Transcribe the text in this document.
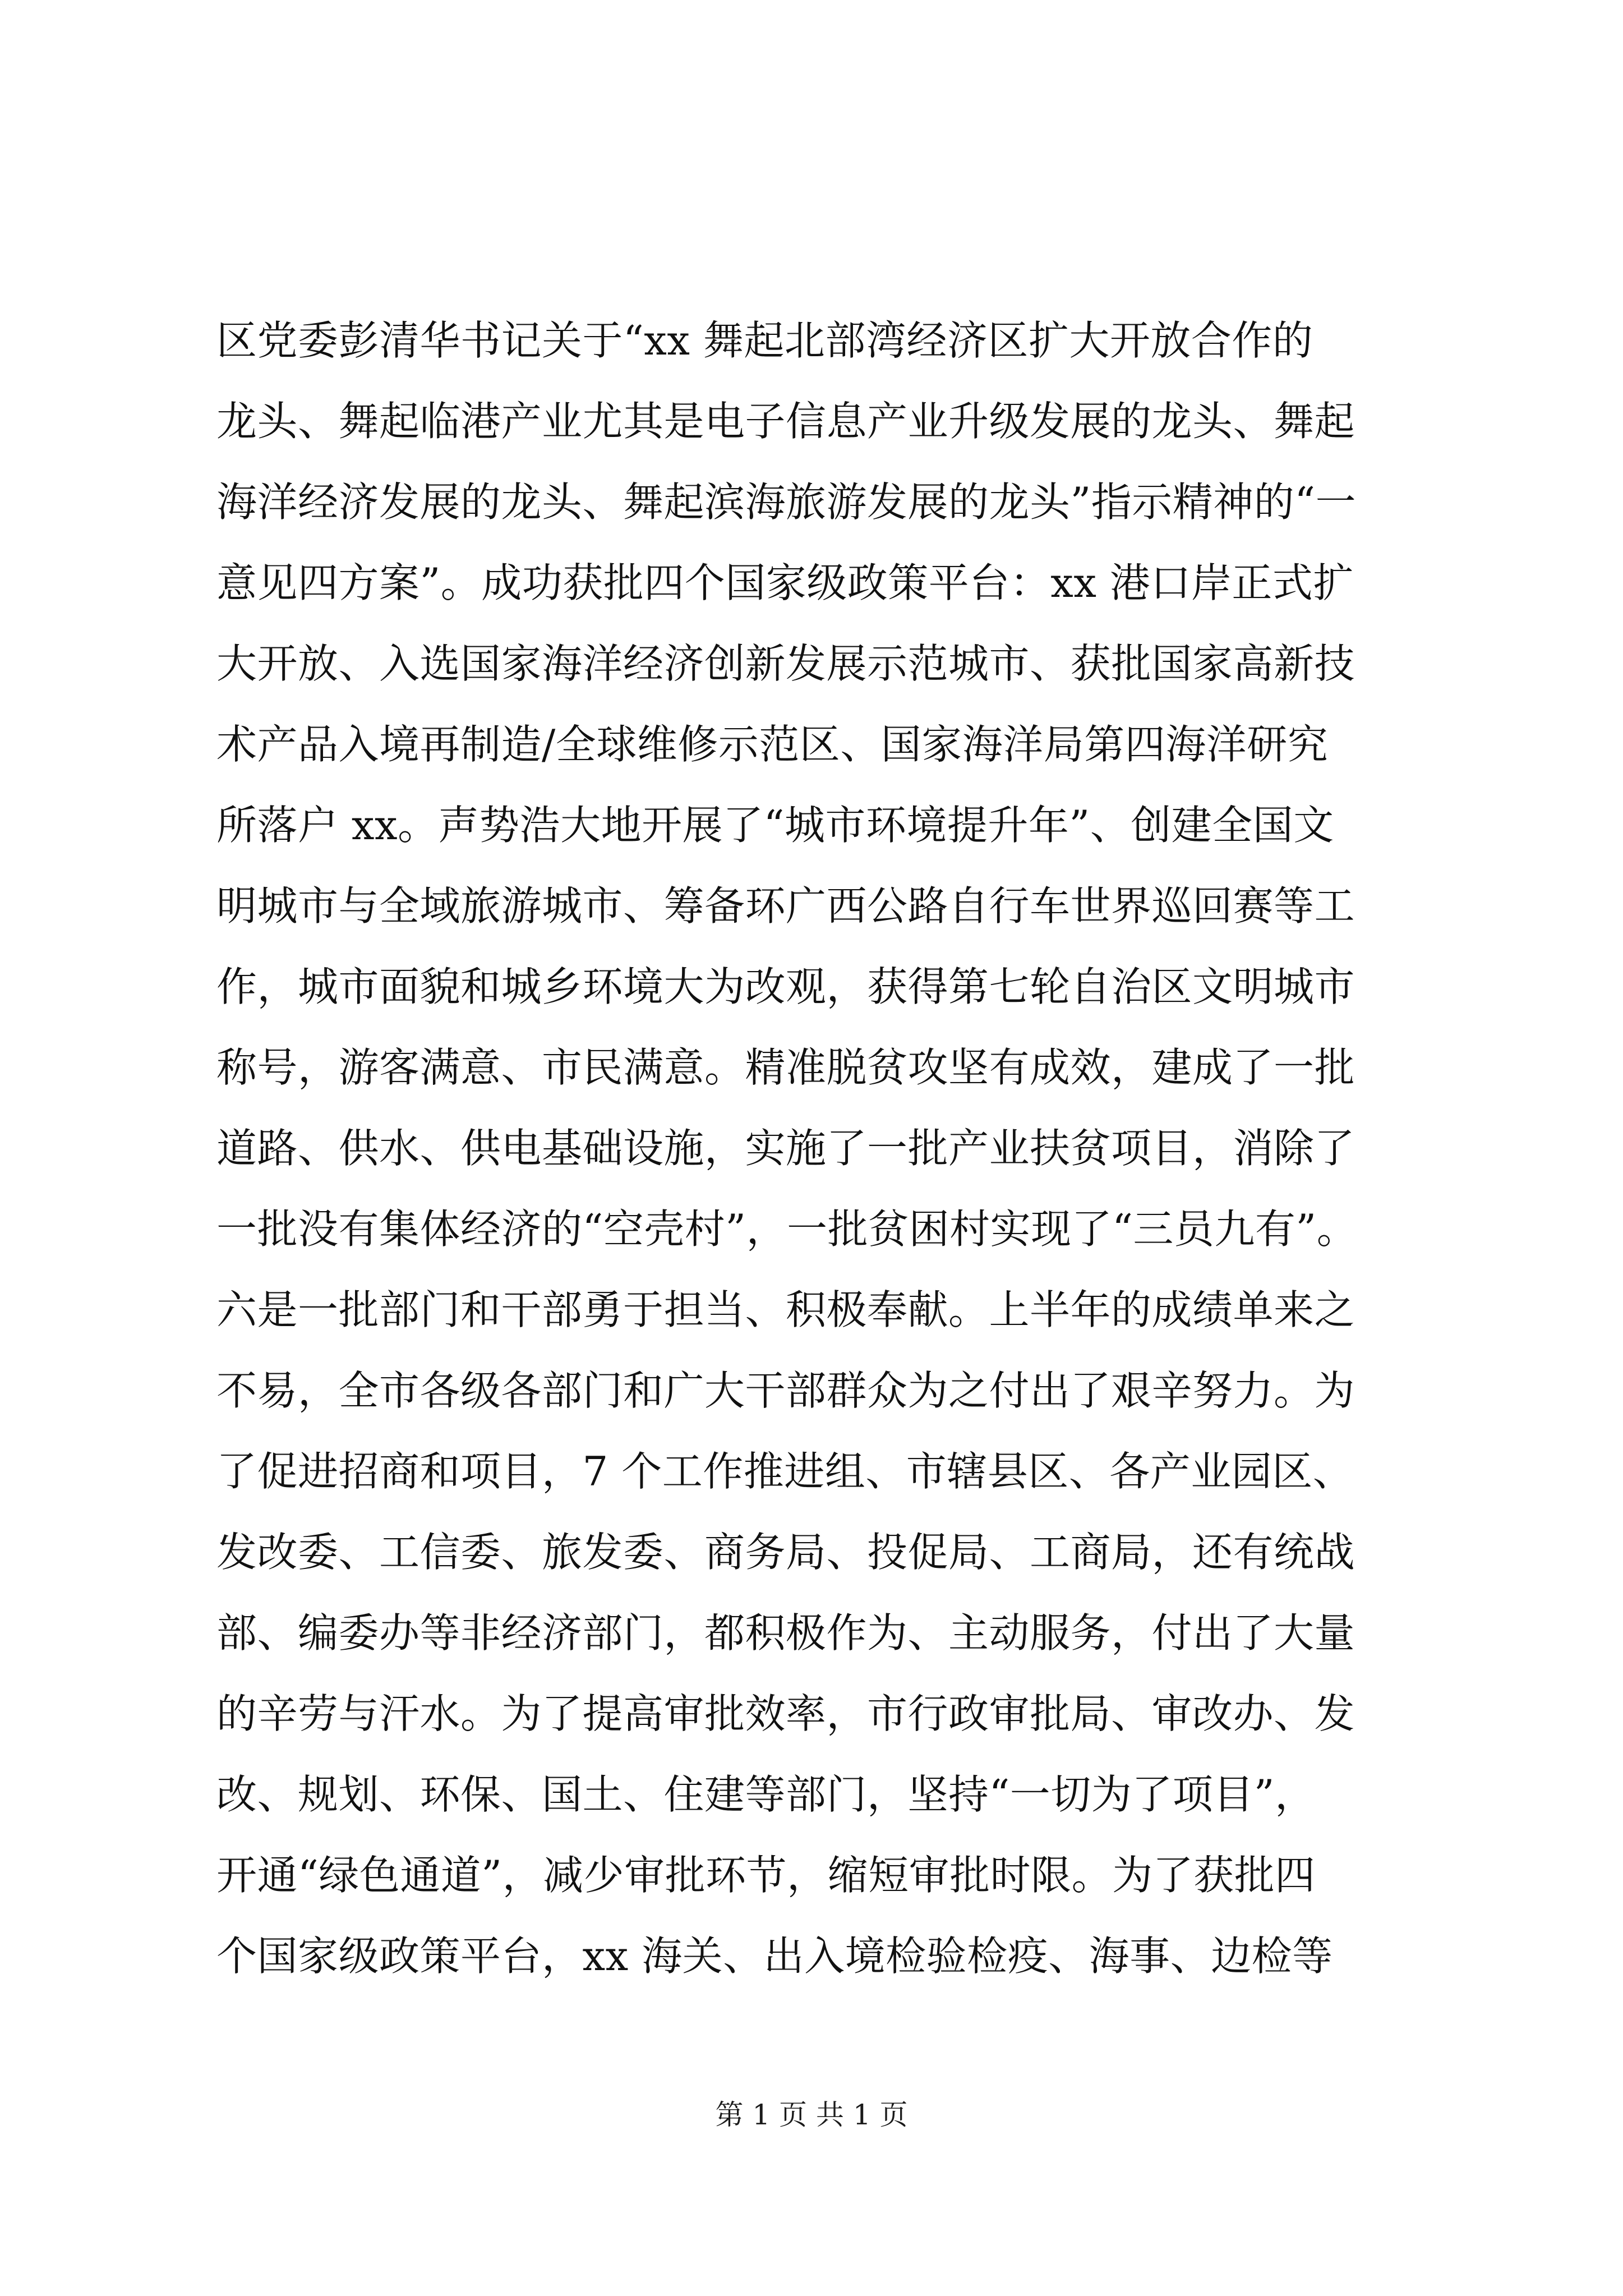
区党委彭清华书记关于“xx 舞起北部湾经济区扩大开放合作的
龙头、舞起临港产业尤其是电子信息产业升级发展的龙头、舞起
海洋经济发展的龙头、舞起滨海旅游发展的龙头”指示精神的“一
意见四方案”。成功获批四个国家级政策平台：xx 港口岸正式扩
大开放、入选国家海洋经济创新发展示范城市、获批国家高新技
术产品入境再制造/全球维修示范区、国家海洋局第四海洋研究
所落户 xx。声势浩大地开展了“城市环境提升年”、创建全国文
明城市与全域旅游城市、筹备环广西公路自行车世界巡回赛等工
作，城市面貌和城乡环境大为改观，获得第七轮自治区文明城市
称号，游客满意、市民满意。精准脱贫攻坚有成效，建成了一批
道路、供水、供电基础设施，实施了一批产业扶贫项目，消除了
一批没有集体经济的“空壳村”，一批贫困村实现了“三员九有”。
六是一批部门和干部勇于担当、积极奉献。上半年的成绩单来之
不易，全市各级各部门和广大干部群众为之付出了艰辛努力。为
了促进招商和项目，7 个工作推进组、市辖县区、各产业园区、
发改委、工信委、旅发委、商务局、投促局、工商局，还有统战
部、编委办等非经济部门，都积极作为、主动服务，付出了大量
的辛劳与汗水。为了提高审批效率，市行政审批局、审改办、发
改、规划、环保、国土、住建等部门，坚持“一切为了项目”，
开通“绿色通道”，减少审批环节，缩短审批时限。为了获批四
个国家级政策平台，xx 海关、出入境检验检疫、海事、边检等
第 1 页 共 1 页
